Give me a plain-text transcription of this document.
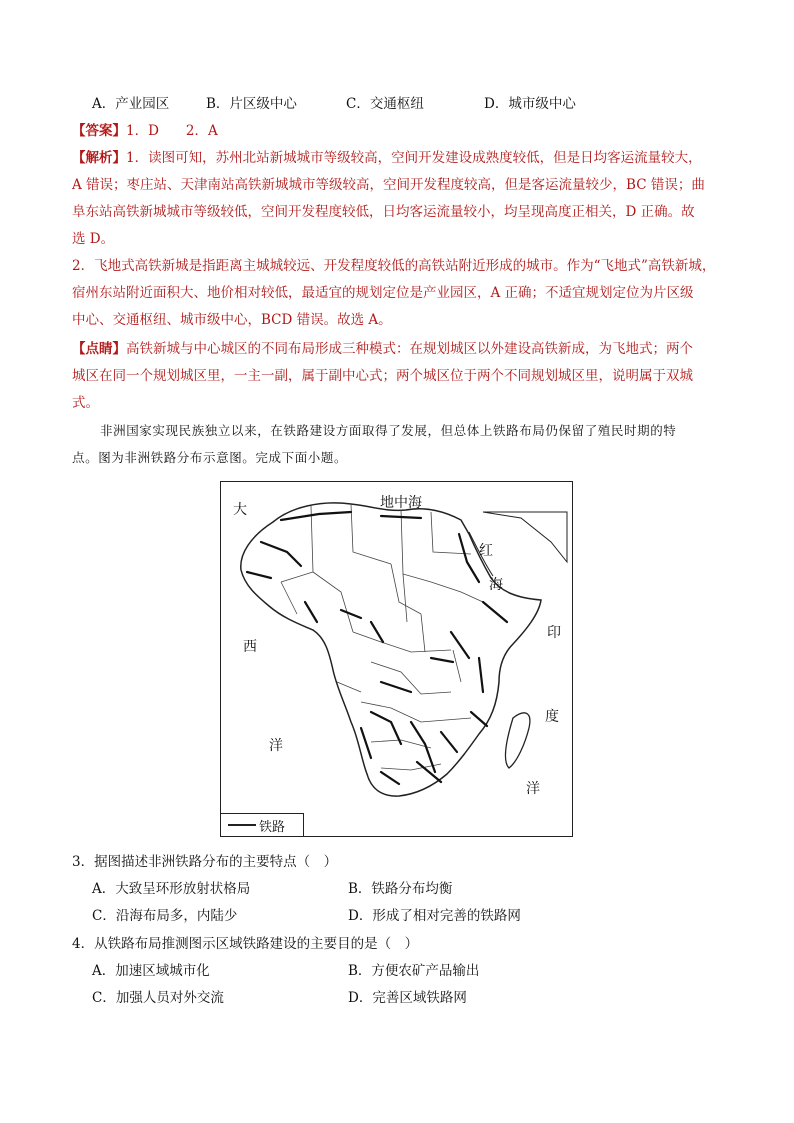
A．产业园区	B．片区级中心	C．交通枢纽	D．城市级中心
【答案】1．D　　2．A
【解析】1．读图可知，苏州北站新城城市等级较高，空间开发建设成熟度较低，但是日均客运流量较大，
A 错误；枣庄站、天津南站高铁新城城市等级较高，空间开发程度较高，但是客运流量较少，BC 错误；曲
阜东站高铁新城城市等级较低，空间开发程度较低，日均客运流量较小，均呈现高度正相关，D 正确。故
选 D。
2．飞地式高铁新城是指距离主城城较远、开发程度较低的高铁站附近形成的城市。作为“飞地式”高铁新城，
宿州东站附近面积大、地价相对较低，最适宜的规划定位是产业园区，A 正确；不适宜规划定位为片区级
中心、交通枢纽、城市级中心，BCD 错误。故选 A。
【点睛】高铁新城与中心城区的不同布局形成三种模式：在规划城区以外建设高铁新成，为飞地式；两个
城区在同一个规划城区里，一主一副，属于副中心式；两个城区位于两个不同规划城区里，说明属于双城
式。
非洲国家实现民族独立以来，在铁路建设方面取得了发展，但总体上铁路布局仍保留了殖民时期的特
点。图为非洲铁路分布示意图。完成下面小题。
大	地中海
红
海
西
印
度
洋
洋
铁路
3．据图描述非洲铁路分布的主要特点（　）
A．大致呈环形放射状格局	B．铁路分布均衡
C．沿海布局多，内陆少	D．形成了相对完善的铁路网
4．从铁路布局推测图示区域铁路建设的主要目的是（　）
A．加速区域城市化	B．方便农矿产品输出
C．加强人员对外交流	D．完善区域铁路网
